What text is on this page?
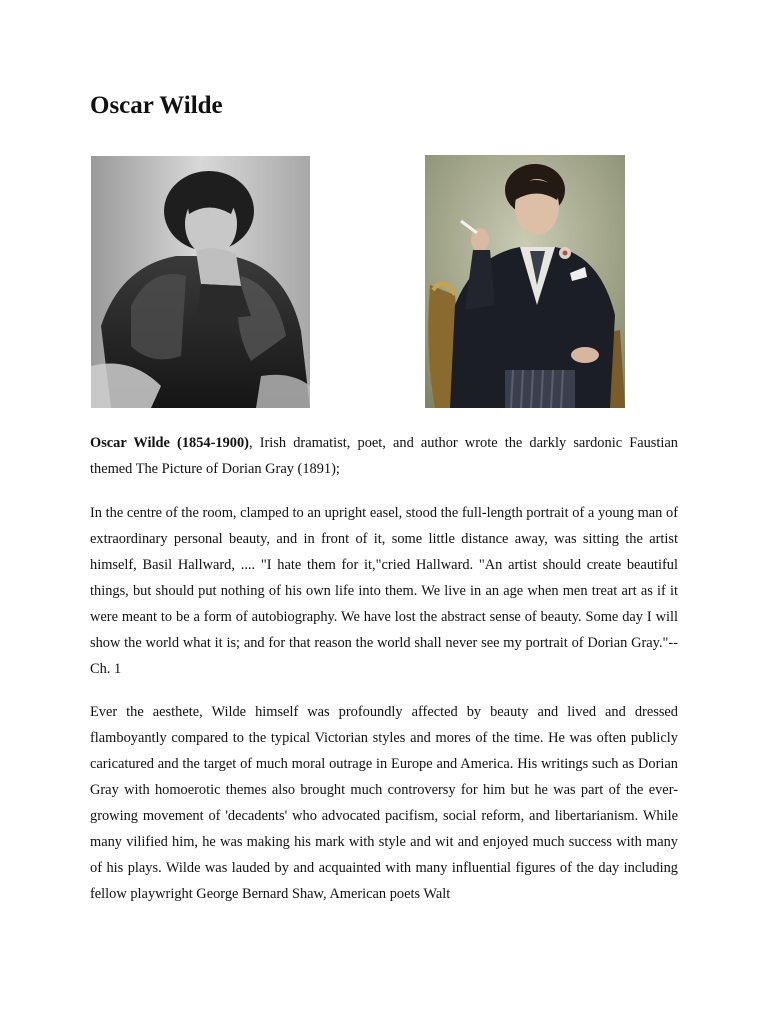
Oscar Wilde

Oscar Wilde (1854-1900), Irish dramatist, poet, and author wrote the darkly sardonic Faustian themed The Picture of Dorian Gray (1891);

In the centre of the room, clamped to an upright easel, stood the full-length portrait of a young man of extraordinary personal beauty, and in front of it, some little distance away, was sitting the artist himself, Basil Hallward, .... "I hate them for it,"cried Hallward. "An artist should create beautiful things, but should put nothing of his own life into them. We live in an age when men treat art as if it were meant to be a form of autobiography. We have lost the abstract sense of beauty. Some day I will show the world what it is; and for that reason the world shall never see my portrait of Dorian Gray."--Ch. 1

Ever the aesthete, Wilde himself was profoundly affected by beauty and lived and dressed flamboyantly compared to the typical Victorian styles and mores of the time. He was often publicly caricatured and the target of much moral outrage in Europe and America. His writings such as Dorian Gray with homoerotic themes also brought much controversy for him but he was part of the ever-growing movement of 'decadents' who advocated pacifism, social reform, and libertarianism. While many vilified him, he was making his mark with style and wit and enjoyed much success with many of his plays. Wilde was lauded by and acquainted with many influential figures of the day including fellow playwright George Bernard Shaw, American poets Walt
